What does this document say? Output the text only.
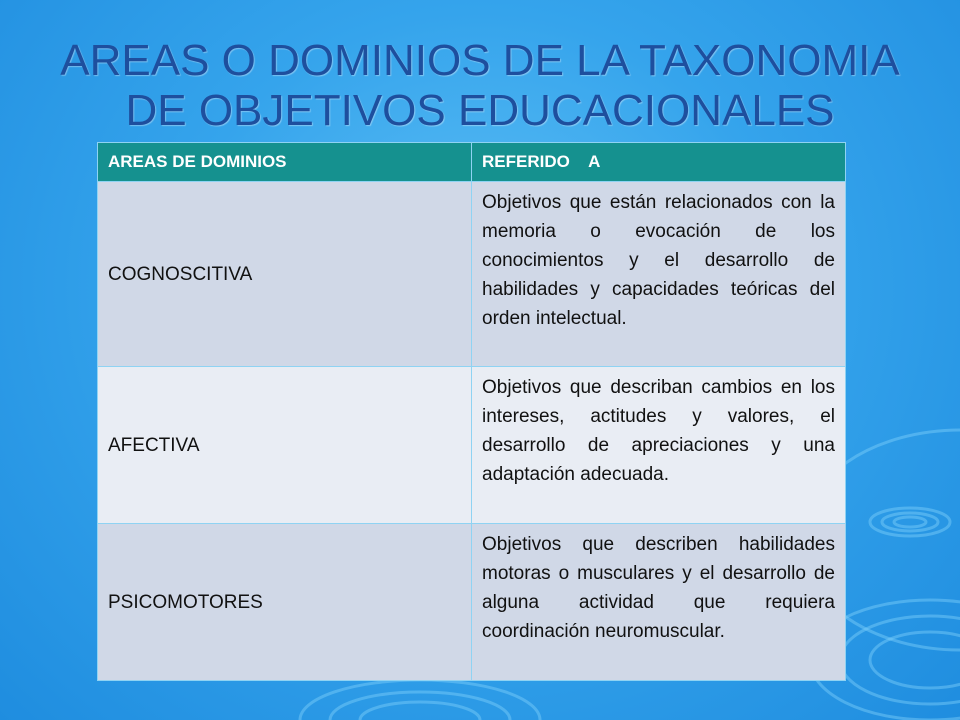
AREAS O DOMINIOS DE LA TAXONOMIA
DE OBJETIVOS EDUCACIONALES
AREAS DE DOMINIOS	REFERIDO    A
COGNOSCITIVA	Objetivos que están relacionados con la memoria o evocación de los conocimientos y el desarrollo de habilidades y capacidades teóricas del orden intelectual.
AFECTIVA	Objetivos que describan cambios en los intereses, actitudes y valores, el desarrollo de apreciaciones y una adaptación adecuada.
PSICOMOTORES	Objetivos que describen habilidades motoras o musculares y el desarrollo de alguna actividad que requiera coordinación neuromuscular.
